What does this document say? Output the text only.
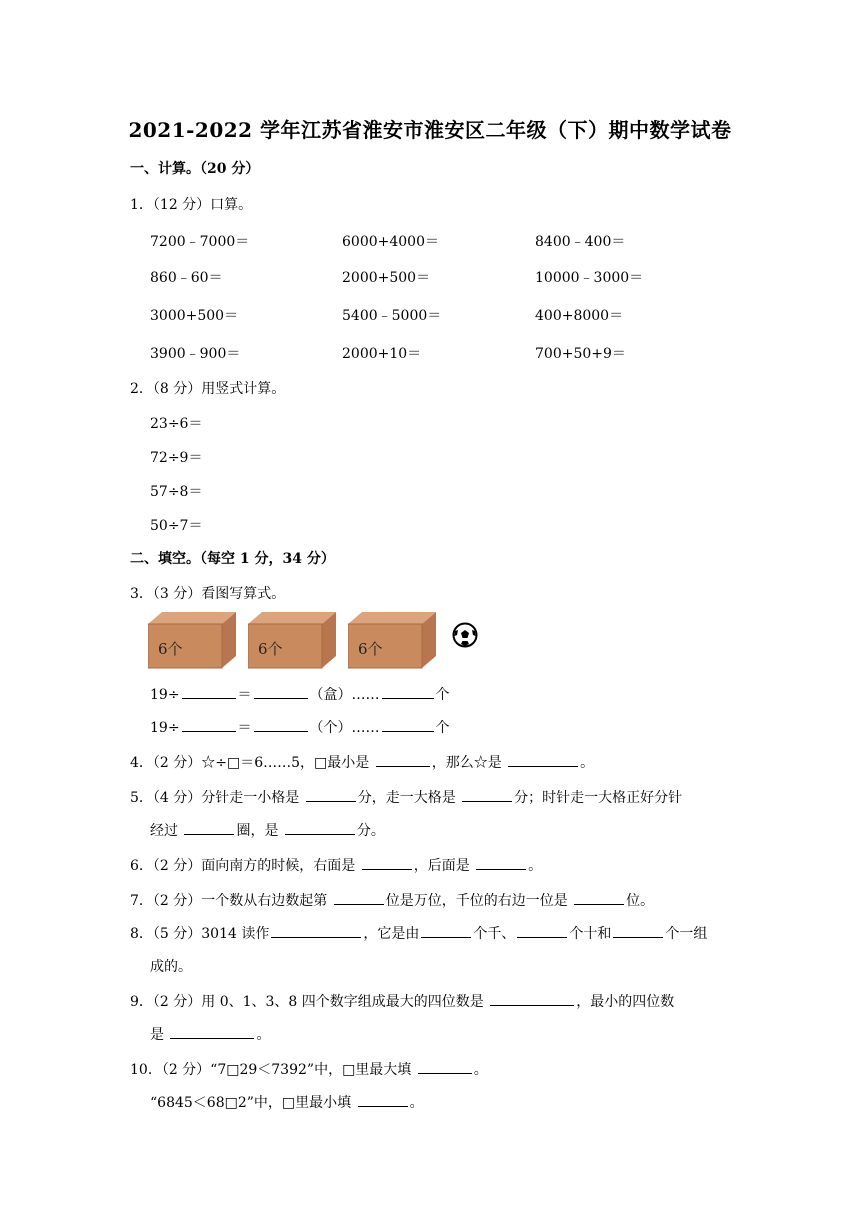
2021-2022 学年江苏省淮安市淮安区二年级（下）期中数学试卷
一、计算。（20 分）
1．（12 分）口算。
7200﹣7000＝	6000+4000＝	8400﹣400＝
860﹣60＝	2000+500＝	10000﹣3000＝
3000+500＝	5400﹣5000＝	400+8000＝
3900﹣900＝	2000+10＝	700+50+9＝
2．（8 分）用竖式计算。
23÷6＝
72÷9＝
57÷8＝
50÷7＝
二、填空。（每空 1 分，34 分）
3．（3 分）看图写算式。
6个	6个	6个
19÷	＝	（盒）……	个
19÷	＝	（个）……	个
4．（2 分）☆÷□＝6……5，□最小是	，那么☆是	。
5．（4 分）分针走一小格是	分，走一大格是	分；时针走一大格正好分针
经过	圈，是	分。
6．（2 分）面向南方的时候，右面是	，后面是	。
7．（2 分）一个数从右边数起第	位是万位，千位的右边一位是	位。
8．（5 分）3014 读作	，它是由	个千、	个十和	个一组
成的。
9．（2 分）用 0、1、3、8 四个数字组成最大的四位数是	，最小的四位数
是	。
10．（2 分）“7□29＜7392”中，□里最大填	。
“6845＜68□2”中，□里最小填	。
